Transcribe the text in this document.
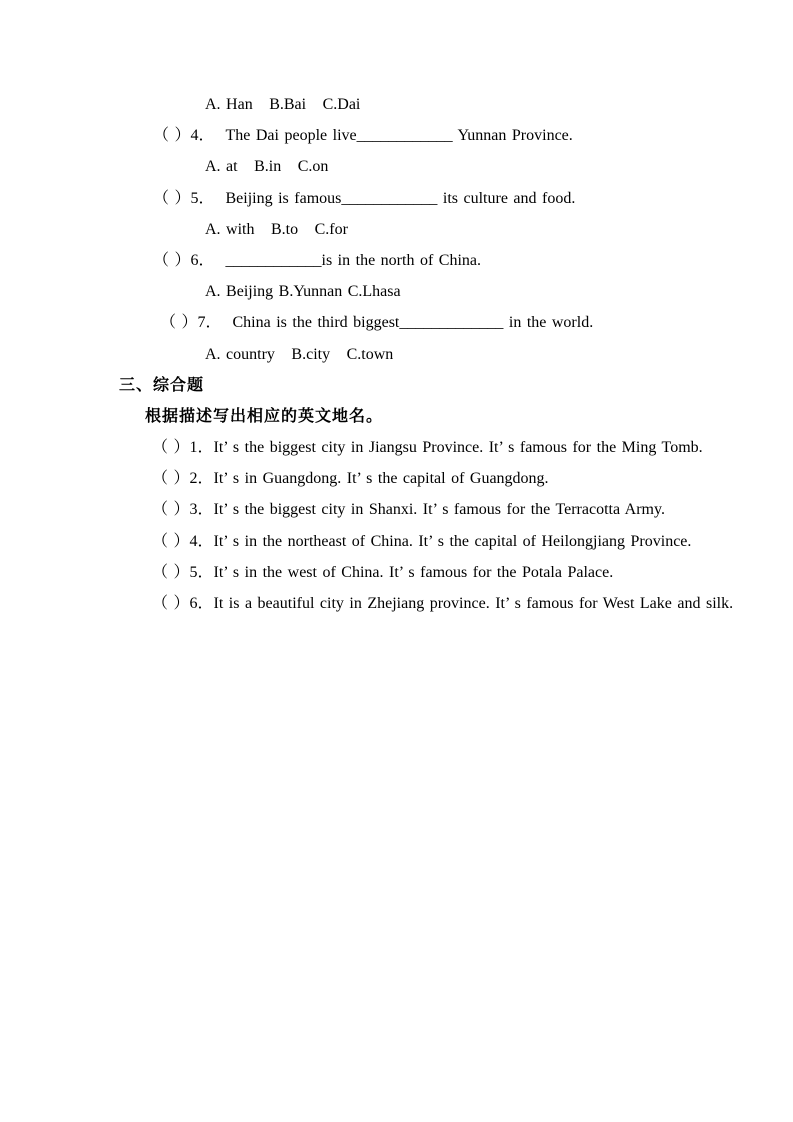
A. Han   B.Bai   C.Dai
（ ）4．  The Dai people live____________ Yunnan Province.
A. at   B.in   C.on
（ ）5．  Beijing is famous____________ its culture and food.
A. with   B.to   C.for
（ ）6．  ____________is in the north of China.
A. Beijing B.Yunnan C.Lhasa
（ ）7．  China is the third biggest_____________ in the world.
A. country   B.city   C.town
三、综合题
根据描述写出相应的英文地名。
（ ）1．It’ s the biggest city in Jiangsu Province. It’ s famous for the Ming Tomb.
（ ）2．It’ s in Guangdong. It’ s the capital of Guangdong.
（ ）3．It’ s the biggest city in Shanxi. It’ s famous for the Terracotta Army.
（ ）4．It’ s in the northeast of China. It’ s the capital of Heilongjiang Province.
（ ）5．It’ s in the west of China. It’ s famous for the Potala Palace.
（ ）6．It is a beautiful city in Zhejiang province. It’ s famous for West Lake and silk.
